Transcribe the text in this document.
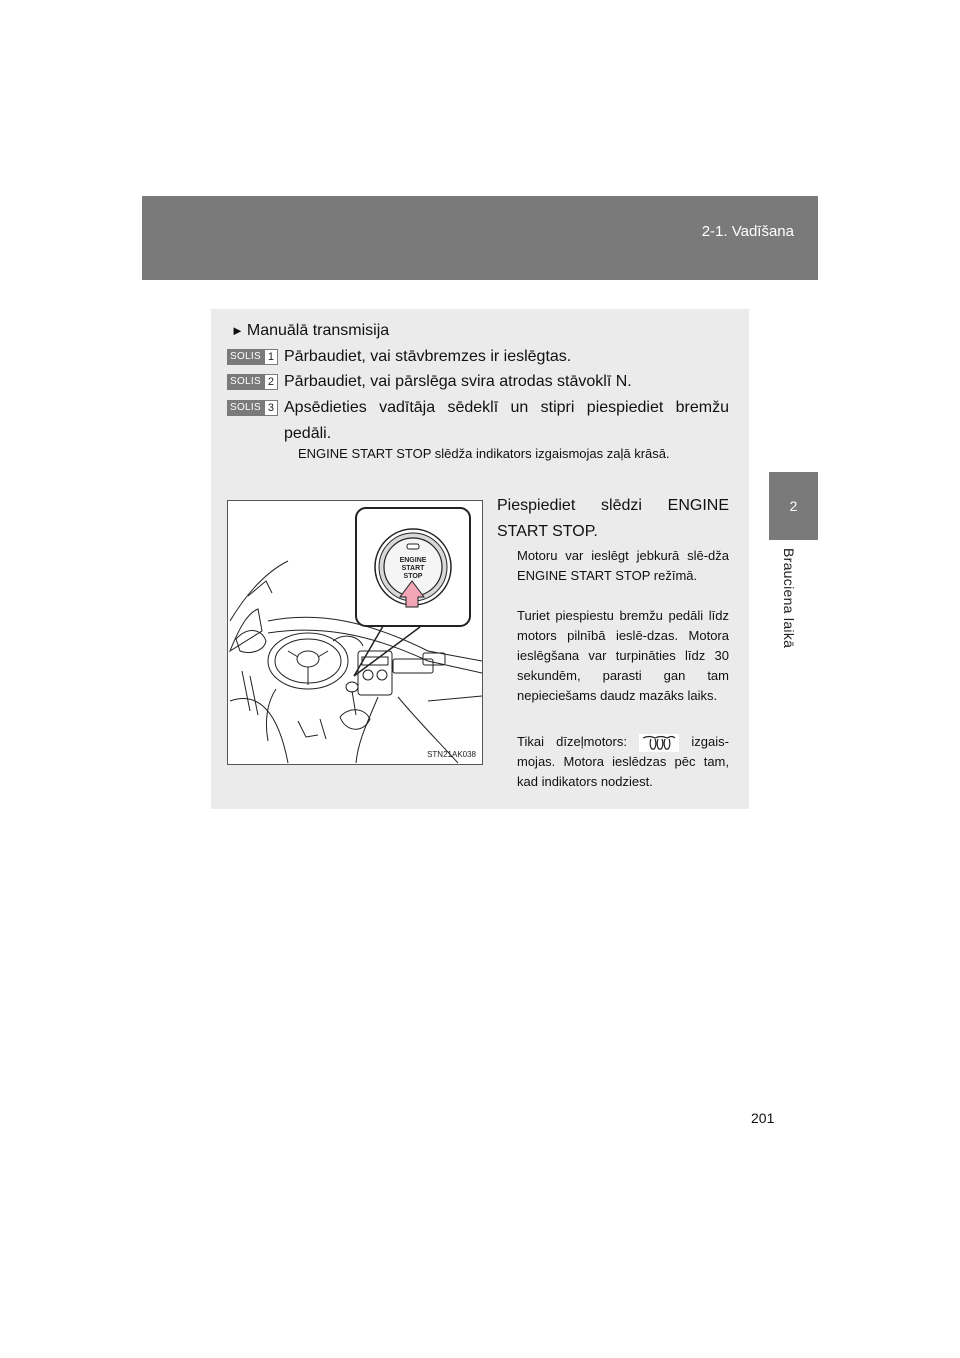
2-1. Vadīšana
2
Brauciena laikā
► Manuālā transmisija
SOLIS 1 Pārbaudiet, vai stāvbremzes ir ieslēgtas.
SOLIS 2 Pārbaudiet, vai pārslēga svira atrodas stāvoklī N.
SOLIS 3 Apsēdieties vadītāja sēdeklī un stipri piespiediet bremžu pedāli.
ENGINE START STOP slēdža indikators izgaismojas zaļā krāsā.
ENGINE
START
STOP
STN21AK038
Piespiediet slēdzi ENGINE START STOP.
Motoru var ieslēgt jebkurā slē-dža ENGINE START STOP režīmā.
Turiet piespiestu bremžu pedāli līdz motors pilnībā ieslē-dzas. Motora ieslēgšana var turpināties līdz 30 sekundēm, parasti gan tam nepieciešams daudz mazāks laiks.
Tikai dīzeļmotors:	izgais-mojas. Motora ieslēdzas pēc tam, kad indikators nodziest.
201
